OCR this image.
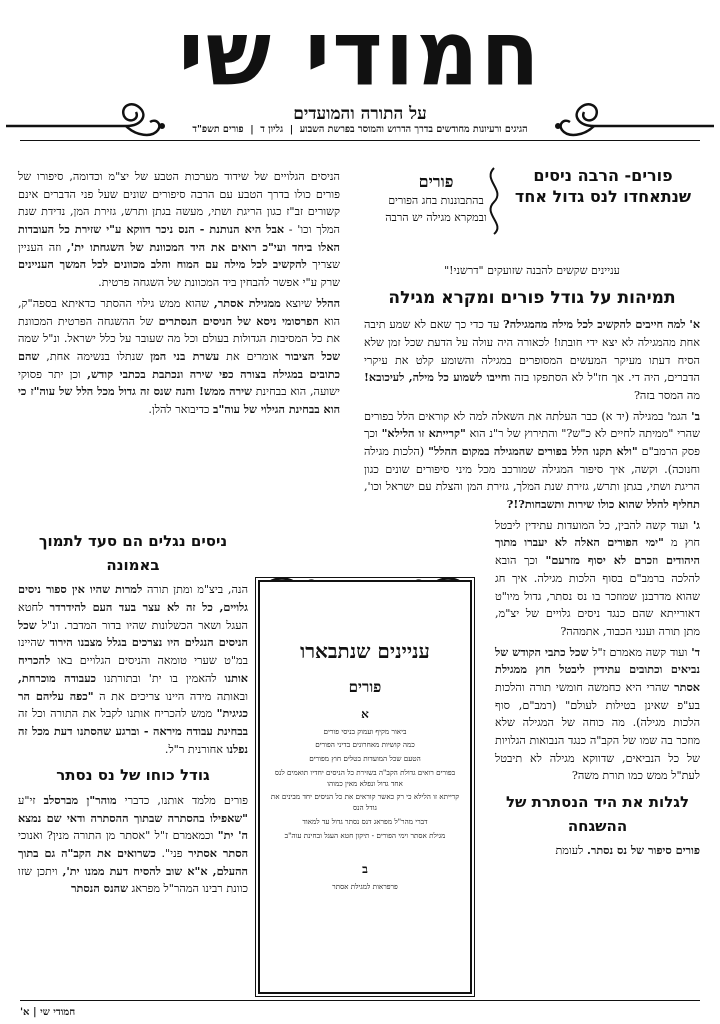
חמודי שי
על התורה והמועדים
הגיגים ורעיונות מחודשים בדרך הדרוש והמוסר בפרשת השבוע  |  גליון ד  |  פורים תשפ"ד
פורים- הרבה ניסים שנתאחדו לנס גדול אחד
פורים
בהתבוננות בחג הפורים ובמקרא מגילה יש הרבה

עניינים שקשים להבנה שזועקים "דרשני!"

תמיהות על גודל פורים ומקרא מגילה

א' למה חייבים להקשיב לכל מילה מהמגילה? עד כדי כך שאם לא שמע תיבה אחת מהמגילה לא יצא ידי חובתו! לכאורה היה עולה על הדעת שכל זמן שלא הסיח דעתו מעיקר המעשים המסופרים במגילה והשומע קלט את עיקרי הדברים, היה די. אך חז"ל לא הסתפקו בזה וחייבו לשמוע כל מילה, לעיכובא! מה המסר בזה?

ב' הגמ' במגילה (יד א) כבר העלתה את השאלה למה לא קוראים הלל בפורים שהרי "ממיתה לחיים לא כ"ש?" והתירוץ של ר"נ הוא "קרייתא זו הלילא" וכך פסק הרמב"ם "ולא תקנו הלל בפורים שהמגילה במקום ההלל" (הלכות מגילה וחנוכה). וקשה, איך סיפור המגילה שמורכב מכל מיני סיפורים שונים כגון הריגת ושתי, בגתן ותרש, גזירת שנת המלך, גזירת המן והצלת עם ישראל וכו', תחליף להלל שהוא כולו שירות ותשבחות?!?

ג' ועוד קשה להבין, כל המועדות עתידין ליבטל חוץ מ "ימי הפורים האלה לא יעברו מתוך היהודים וזכרם לא יסוף מזרעם" וכך הובא להלכה ברמב"ם בסוף הלכות מגילה. איך חג שהוא מדרבנן שמוזכר בו נס נסתר, גדול מיו"ט דאורייתא שהם כנגד ניסים גלויים של יצ"מ, מתן תורה וענני הכבוד, אתמהה?

ד' ועוד קשה מאמרם ז"ל שכל כתבי הקודש של נביאים וכתובים עתידין ליבטל חוץ ממגילת אסתר שהרי היא כחמשה חומשי תורה והלכות בע"פ שאינן בטילות לעולם" (רמב"ם, סוף הלכות מגילה). מה כוחה של המגילה שלא מוזכר בה שמו של הקב"ה כנגד הנבואות הגלויות של כל הנביאים, שדווקא מגילה לא תיבטל לעת"ל ממש כמו תורת משה?

לגלות את היד הנסתרת של ההשגחה

פורים סיפור של נס נסתר. לעומת

הניסים הגלויים של שידוד מערכות הטבע של יצ"מ וכדומה, סיפורו של פורים כולו בדרך הטבע עם הרבה סיפורים שונים שעל פני הדברים אינם קשורים זב"ז כגון הריגת ושתי, מעשה בגתן ותרש, גזירת המן, נדידת שנת המלך וכו' - אבל היא הנותנת - הנס ניכר דווקא ע"י שזירת כל העובדות האלו ביחד ועי"כ רואים את היד המכוונת של השגחתו ית', וזה העניין שצריך להקשיב לכל מילה עם המוח והלב מכוונים לכל המשך העניינים שרק ע"י אפשר להבחין ביד המכוונת של השגחה פרטית.

ההלל שיוצא ממגילת אסתר, שהוא ממש גילוי ההסתר כדאיתא בספה"ק, הוא הפרסומי ניסא של הניסים הנסתרים של ההשגחה הפרטית המכוונת את כל המסיבות הגדולות בעולם וכל מה שעובר על כלל ישראל. ונ"ל שמה שכל הציבור אומרים את עשרת בני המן שנתלו בנשימה אחת, שהם כתובים במגילה בצורה כפי שירה ונכתבת בכתבי קודש, וכן יתר פסוקי ישועה, הוא בבחינת שירה ממש! והנה שנס זה גדול מכל הלל של עוה"ז כי הוא בבחינת הגילוי של עוה"ב כדיבואר להלן.

ניסים נגלים הם סעד לתמוך באמונה

הנה, ביצ"מ ומתן תורה למרות שהיו אין ספור ניסים גלויים, כל זה לא עצר בעד העם להידרדר לחטא העגל ושאר הכשלונות שהיו בדור המדבר. ונ"ל שכל הניסים הנגלים היו נצרכים בגלל מצבנו הירוד שהיינו במ"ט שערי טומאה והניסים הגלויים באו להכריח אותנו להאמין בו ית' ובתורתנו כעבודה מוכרחת, ובאותה מידה היינו צריכים את ה "כפה עליהם הר כגיגית" ממש להכריח אותנו לקבל את התורה וכל זה בבחינת עבודה מיראה - וברגע שהסתנו דעת מכל זה נפלנו אחורנית ר"ל.

גודל כוחו של נס נסתר

פורים מלמד אותנו, כדברי מוהר"ן מברסלב זי"ע "שאפילו בהסתרה שבתוך ההסתרה ודאי שם נמצא ה' ית" וכמאמרם ז"ל "אסתר מן התורה מנין? ואנוכי הסתר אסתיר פני". כשרואים את הקב"ה גם בתוך ההעלם, א"א שוב להסיח דעת ממנו ית', ויתכן שזו כוונת רבינו המהר"ל מפראג שהנס הנסתר

עניינים שנתבארו
פורים
א

ביאור מקיף ועמוק בניסי פורים

כמה קושיות מאחרונים בדיני הפורים

הטעם שכל המועדות בטלים חוץ מפורים

בפורים רואים גדולת הקב"ה בשזירת כל הניסים יחדיו תואמים לנס אחד גדול ונפלא מאין כמוהו

קרייתא זו הלילא כי רק כאשר קוראים את כל הניסים יחד מבינים את גודל הנס

דברי מהר"ל מפראג דנס נסתר גדול עד למאוד

מגילת אסתר וימי הפורים - תיקון חטא העגל ובחינת עוה"ב

ב

פרפראות למגילת אסתר

חמודי שי | א'
